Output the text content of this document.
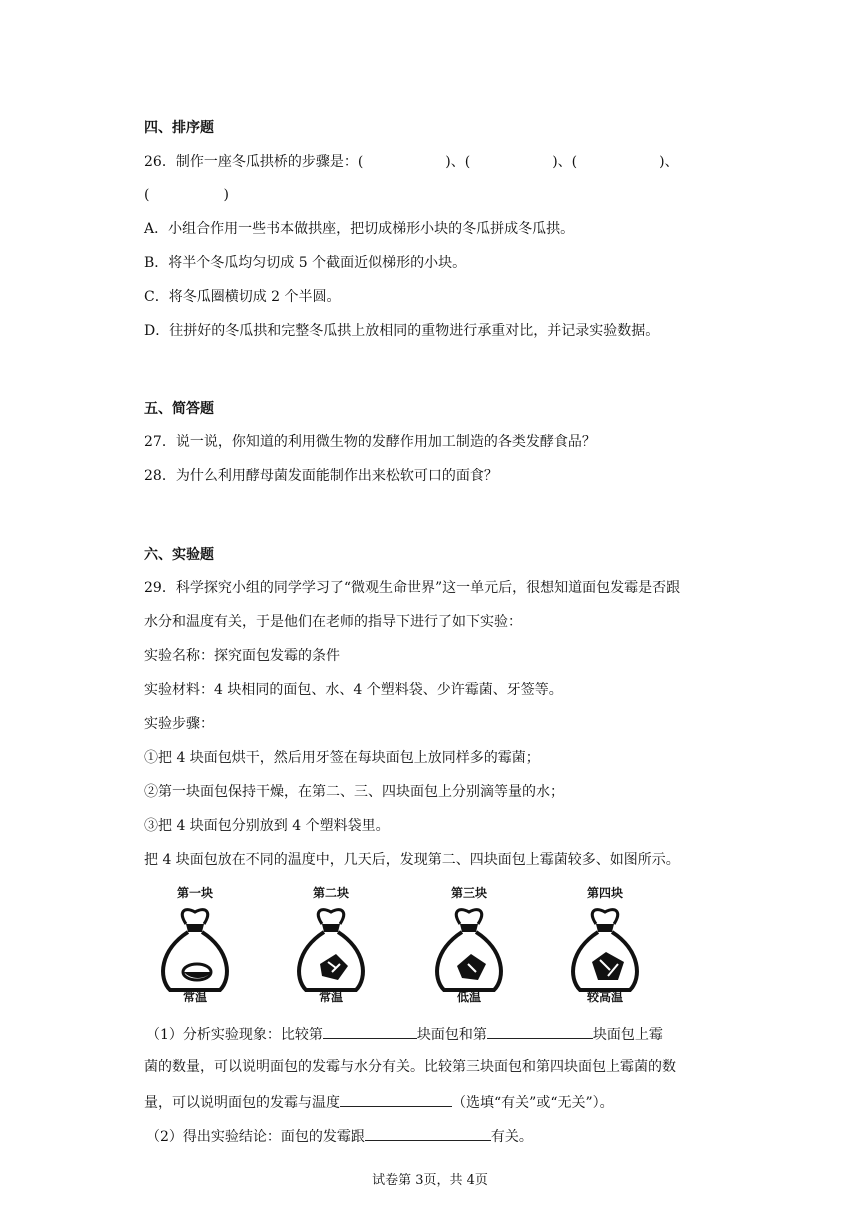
四、排序题
26．制作一座冬瓜拱桥的步骤是：(	)、(	)、(	)、
(	)
A．小组合作用一些书本做拱座，把切成梯形小块的冬瓜拼成冬瓜拱。
B．将半个冬瓜均匀切成 5 个截面近似梯形的小块。
C．将冬瓜圈横切成 2 个半圆。
D．往拼好的冬瓜拱和完整冬瓜拱上放相同的重物进行承重对比，并记录实验数据。
五、简答题
27．说一说，你知道的利用微生物的发酵作用加工制造的各类发酵食品？
28．为什么利用酵母菌发面能制作出来松软可口的面食？
六、实验题
29．科学探究小组的同学学习了“微观生命世界”这一单元后，很想知道面包发霉是否跟
水分和温度有关，于是他们在老师的指导下进行了如下实验：
实验名称：探究面包发霉的条件
实验材料：4 块相同的面包、水、4 个塑料袋、少许霉菌、牙签等。
实验步骤：
①把 4 块面包烘干，然后用牙签在每块面包上放同样多的霉菌；
②第一块面包保持干燥，在第二、三、四块面包上分别滴等量的水；
③把 4 块面包分别放到 4 个塑料袋里。
把 4 块面包放在不同的温度中，几天后，发现第二、四块面包上霉菌较多、如图所示。
第一块
常温
第二块
常温
第三块
低温
第四块
较高温
（1）分析实验现象：比较第	块面包和第	块面包上霉
菌的数量，可以说明面包的发霉与水分有关。比较第三块面包和第四块面包上霉菌的数
量，可以说明面包的发霉与温度	（选填“有关”或“无关”）。
（2）得出实验结论：面包的发霉跟	有关。
试卷第 3页，共 4页
